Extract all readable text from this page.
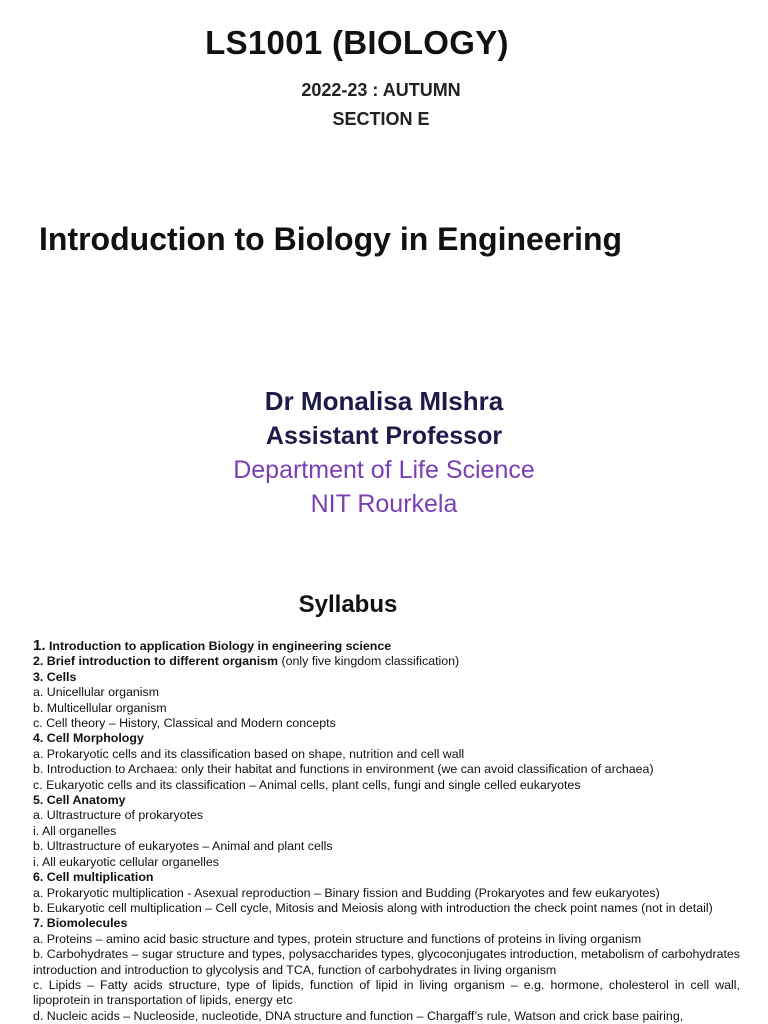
LS1001 (BIOLOGY)
2022-23 : AUTUMN
SECTION E
Introduction to Biology in Engineering
Dr Monalisa MIshra
Assistant Professor
Department of Life Science
NIT Rourkela
Syllabus
1. Introduction to application Biology in engineering science
2. Brief introduction to different organism (only five kingdom classification)
3. Cells
a. Unicellular organism
b. Multicellular organism
c. Cell theory – History, Classical and Modern concepts
4. Cell Morphology
a. Prokaryotic cells and its classification based on shape, nutrition and cell wall
b. Introduction to Archaea: only their habitat and functions in environment (we can avoid classification of archaea)
c. Eukaryotic cells and its classification – Animal cells, plant cells, fungi and single celled eukaryotes
5. Cell Anatomy
a. Ultrastructure of prokaryotes
i. All organelles
b. Ultrastructure of eukaryotes – Animal and plant cells
i. All eukaryotic cellular organelles
6. Cell multiplication
a. Prokaryotic multiplication - Asexual reproduction – Binary fission and Budding (Prokaryotes and few eukaryotes)
b. Eukaryotic cell multiplication – Cell cycle, Mitosis and Meiosis along with introduction the check point names (not in detail)
7. Biomolecules
a. Proteins – amino acid basic structure and types, protein structure and functions of proteins in living organism
b. Carbohydrates – sugar structure and types, polysaccharides types, glycoconjugates introduction, metabolism of carbohydrates introduction and introduction to glycolysis and TCA, function of carbohydrates in living organism
c. Lipids – Fatty acids structure, type of lipids, function of lipid in living organism – e.g. hormone, cholesterol in cell wall, lipoprotein in transportation of lipids, energy etc
d. Nucleic acids – Nucleoside, nucleotide, DNA structure and function – Chargaff’s rule, Watson and crick base pairing,
